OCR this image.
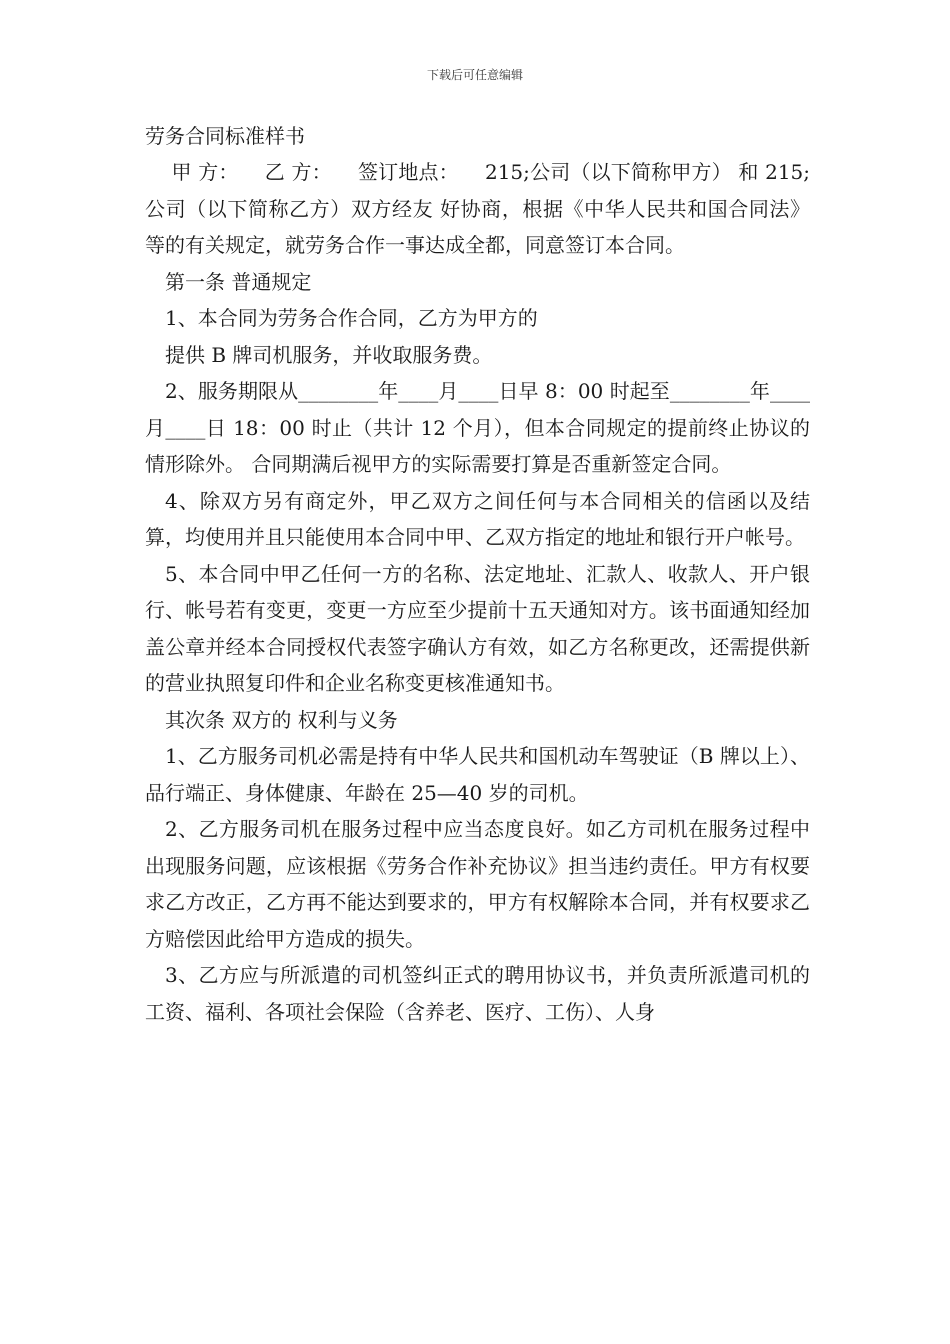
下载后可任意编辑
劳务合同标准样书

甲 方：    乙 方：    签订地点：    215;公司（以下简称甲方） 和 215;公司（以下简称乙方）双方经友 好协商，根据《中华人民共和国合同法》等的有关规定，就劳务合作一事达成全都，同意签订本合同。

第一条 普通规定

1、本合同为劳务合作合同，乙方为甲方的

提供 B 牌司机服务，并收取服务费。

2、服务期限从________年____月____日早 8：00 时起至________年____月____日 18：00 时止（共计 12 个月），但本合同规定的提前终止协议的情形除外。 合同期满后视甲方的实际需要打算是否重新签定合同。

4、除双方另有商定外，甲乙双方之间任何与本合同相关的信函以及结算，均使用并且只能使用本合同中甲、乙双方指定的地址和银行开户帐号。

5、本合同中甲乙任何一方的名称、法定地址、汇款人、收款人、开户银行、帐号若有变更，变更一方应至少提前十五天通知对方。该书面通知经加盖公章并经本合同授权代表签字确认方有效，如乙方名称更改，还需提供新的营业执照复印件和企业名称变更核准通知书。

其次条 双方的 权利与义务

1、乙方服务司机必需是持有中华人民共和国机动车驾驶证（B 牌以上）、品行端正、身体健康、年龄在 25—40 岁的司机。

2、乙方服务司机在服务过程中应当态度良好。如乙方司机在服务过程中出现服务问题，应该根据《劳务合作补充协议》担当违约责任。甲方有权要求乙方改正，乙方再不能达到要求的，甲方有权解除本合同，并有权要求乙方赔偿因此给甲方造成的损失。

3、乙方应与所派遣的司机签纠正式的聘用协议书，并负责所派遣司机的工资、福利、各项社会保险（含养老、医疗、工伤）、人身
